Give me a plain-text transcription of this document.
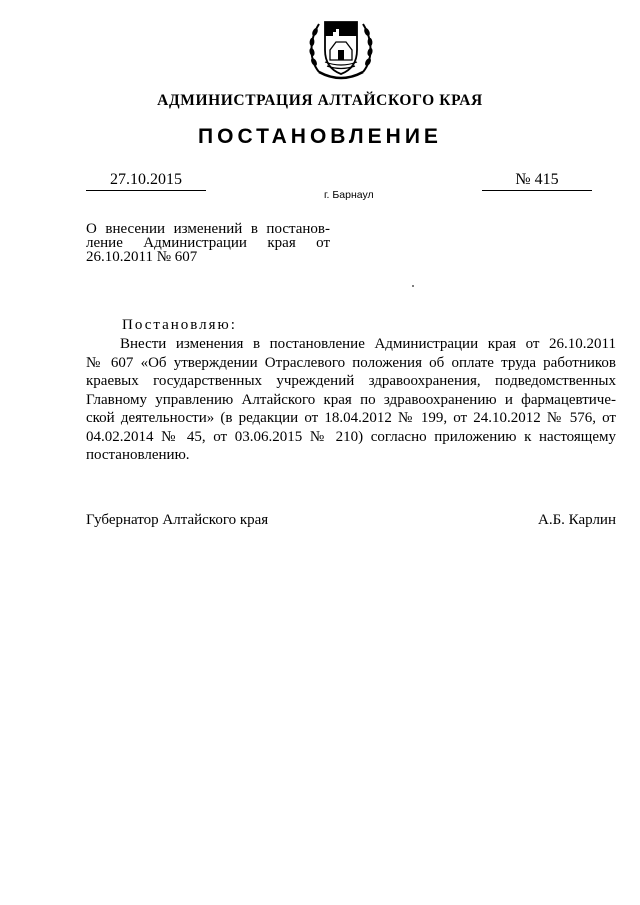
АДМИНИСТРАЦИЯ АЛТАЙСКОГО КРАЯ
ПОСТАНОВЛЕНИЕ
27.10.2015	№ 415
г. Барнаул
О внесении изменений в постанов-
ление Администрации края от
26.10.2011 № 607
Постановляю:
Внести изменения в постановление Администрации края от 26.10.2011
№ 607 «Об утверждении Отраслевого положения об оплате труда работников
краевых государственных учреждений здравоохранения, подведомственных
Главному управлению Алтайского края по здравоохранению и фармацевтиче-
ской деятельности» (в редакции от 18.04.2012 № 199, от 24.10.2012 № 576, от
04.02.2014 № 45, от 03.06.2015 № 210) согласно приложению к настоящему
постановлению.
Губернатор Алтайского края	А.Б. Карлин
